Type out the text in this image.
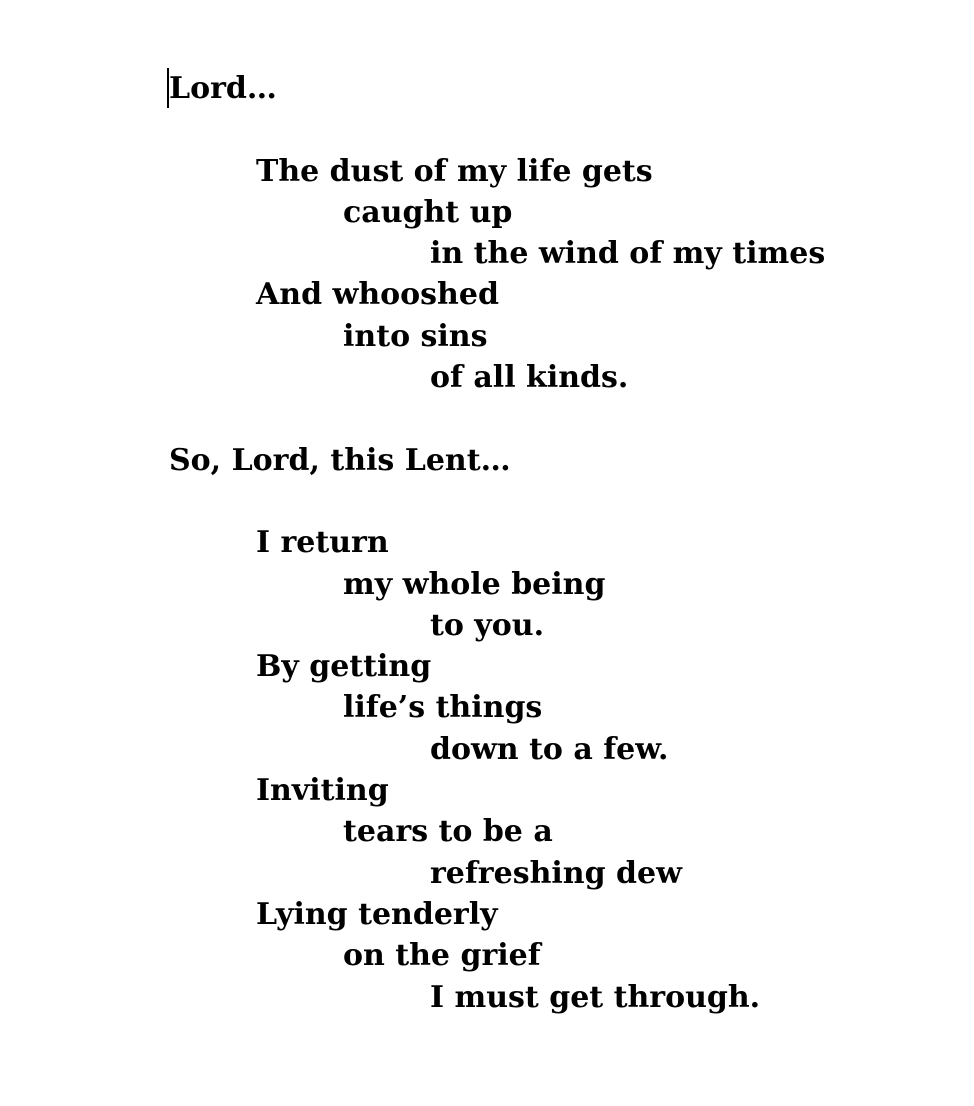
Lord…
The dust of my life gets
caught up
in the wind of my times
And whooshed
into sins
of all kinds.
So, Lord, this Lent…
I return
my whole being
to you.
By getting
life’s things
down to a few.
Inviting
tears to be a
refreshing dew
Lying tenderly
on the grief
I must get through.
